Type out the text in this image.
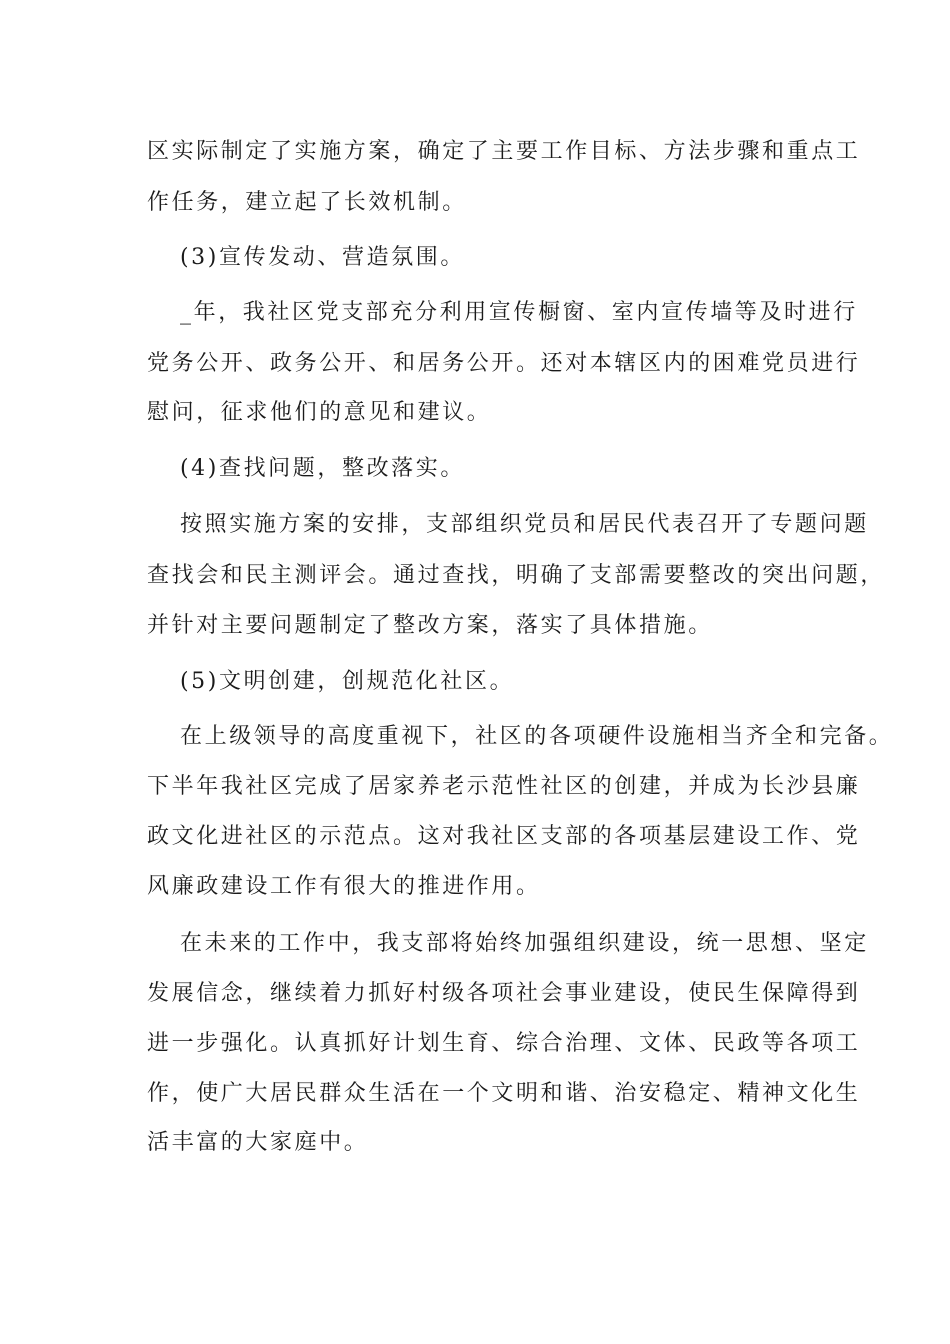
区实际制定了实施方案，确定了主要工作目标、方法步骤和重点工
作任务，建立起了长效机制。
(3)宣传发动、营造氛围。
_年，我社区党支部充分利用宣传橱窗、室内宣传墙等及时进行
党务公开、政务公开、和居务公开。还对本辖区内的困难党员进行
慰问，征求他们的意见和建议。
(4)查找问题，整改落实。
按照实施方案的安排，支部组织党员和居民代表召开了专题问题
查找会和民主测评会。通过查找，明确了支部需要整改的突出问题，
并针对主要问题制定了整改方案，落实了具体措施。
(5)文明创建，创规范化社区。
在上级领导的高度重视下，社区的各项硬件设施相当齐全和完备。
下半年我社区完成了居家养老示范性社区的创建，并成为长沙县廉
政文化进社区的示范点。这对我社区支部的各项基层建设工作、党
风廉政建设工作有很大的推进作用。
在未来的工作中，我支部将始终加强组织建设，统一思想、坚定
发展信念，继续着力抓好村级各项社会事业建设，使民生保障得到
进一步强化。认真抓好计划生育、综合治理、文体、民政等各项工
作，使广大居民群众生活在一个文明和谐、治安稳定、精神文化生
活丰富的大家庭中。
